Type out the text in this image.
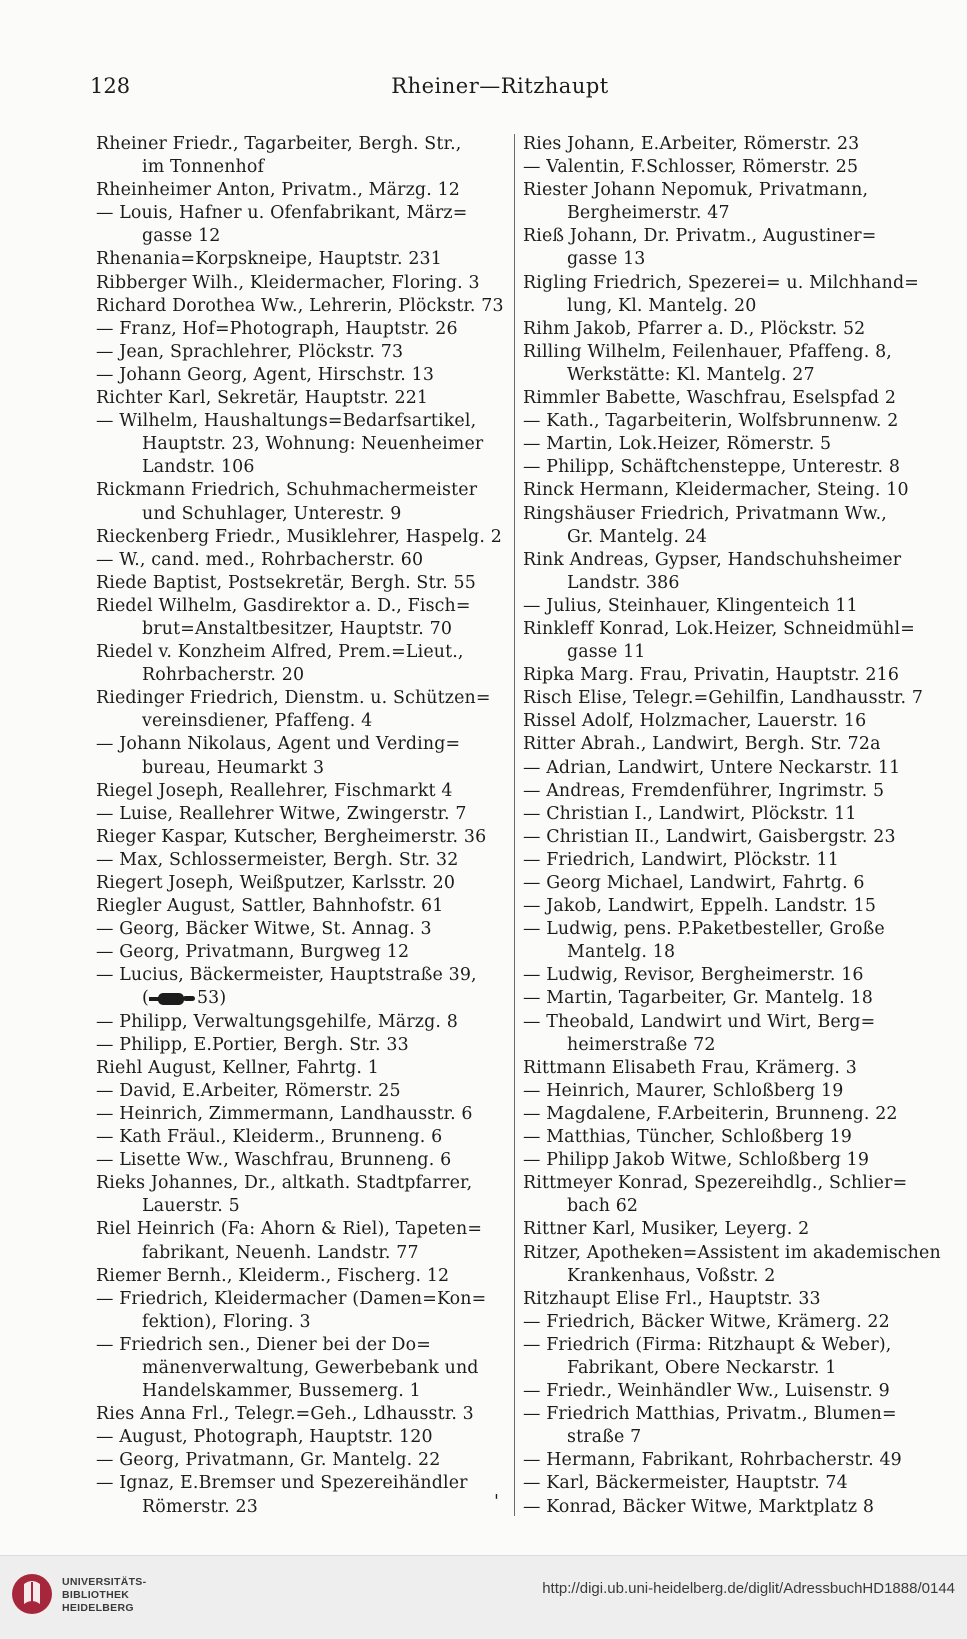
128	Rheiner—Ritzhaupt
Rheiner Friedr., Tagarbeiter, Bergh. Str.,
im Tonnenhof
Rheinheimer Anton, Privatm., Märzg. 12
— Louis, Hafner u. Ofenfabrikant, März=
gasse 12
Rhenania=Korpskneipe, Hauptstr. 231
Ribberger Wilh., Kleidermacher, Floring. 3
Richard Dorothea Ww., Lehrerin, Plöckstr. 73
— Franz, Hof=Photograph, Hauptstr. 26
— Jean, Sprachlehrer, Plöckstr. 73
— Johann Georg, Agent, Hirschstr. 13
Richter Karl, Sekretär, Hauptstr. 221
— Wilhelm, Haushaltungs=Bedarfsartikel,
Hauptstr. 23, Wohnung: Neuenheimer
Landstr. 106
Rickmann Friedrich, Schuhmachermeister
und Schuhlager, Unterestr. 9
Rieckenberg Friedr., Musiklehrer, Haspelg. 2
— W., cand. med., Rohrbacherstr. 60
Riede Baptist, Postsekretär, Bergh. Str. 55
Riedel Wilhelm, Gasdirektor a. D., Fisch=
brut=Anstaltbesitzer, Hauptstr. 70
Riedel v. Konzheim Alfred, Prem.=Lieut.,
Rohrbacherstr. 20
Riedinger Friedrich, Dienstm. u. Schützen=
vereinsdiener, Pfaffeng. 4
— Johann Nikolaus, Agent und Verding=
bureau, Heumarkt 3
Riegel Joseph, Reallehrer, Fischmarkt 4
— Luise, Reallehrer Witwe, Zwingerstr. 7
Rieger Kaspar, Kutscher, Bergheimerstr. 36
— Max, Schlossermeister, Bergh. Str. 32
Riegert Joseph, Weißputzer, Karlsstr. 20
Riegler August, Sattler, Bahnhofstr. 61
— Georg, Bäcker Witwe, St. Annag. 3
— Georg, Privatmann, Burgweg 12
— Lucius, Bäckermeister, Hauptstraße 39,
(	53)
— Philipp, Verwaltungsgehilfe, Märzg. 8
— Philipp, E.Portier, Bergh. Str. 33
Riehl August, Kellner, Fahrtg. 1
— David, E.Arbeiter, Römerstr. 25
— Heinrich, Zimmermann, Landhausstr. 6
— Kath Fräul., Kleiderm., Brunneng. 6
— Lisette Ww., Waschfrau, Brunneng. 6
Rieks Johannes, Dr., altkath. Stadtpfarrer,
Lauerstr. 5
Riel Heinrich (Fa: Ahorn & Riel), Tapeten=
fabrikant, Neuenh. Landstr. 77
Riemer Bernh., Kleiderm., Fischerg. 12
— Friedrich, Kleidermacher (Damen=Kon=
fektion), Floring. 3
— Friedrich sen., Diener bei der Do=
mänenverwaltung, Gewerbebank und
Handelskammer, Bussemerg. 1
Ries Anna Frl., Telegr.=Geh., Ldhausstr. 3
— August, Photograph, Hauptstr. 120
— Georg, Privatmann, Gr. Mantelg. 22
— Ignaz, E.Bremser und Spezereihändler
Römerstr. 23
Ries Johann, E.Arbeiter, Römerstr. 23
— Valentin, F.Schlosser, Römerstr. 25
Riester Johann Nepomuk, Privatmann,
Bergheimerstr. 47
Rieß Johann, Dr. Privatm., Augustiner=
gasse 13
Rigling Friedrich, Spezerei= u. Milchhand=
lung, Kl. Mantelg. 20
Rihm Jakob, Pfarrer a. D., Plöckstr. 52
Rilling Wilhelm, Feilenhauer, Pfaffeng. 8,
Werkstätte: Kl. Mantelg. 27
Rimmler Babette, Waschfrau, Eselspfad 2
— Kath., Tagarbeiterin, Wolfsbrunnenw. 2
— Martin, Lok.Heizer, Römerstr. 5
— Philipp, Schäftchensteppe, Unterestr. 8
Rinck Hermann, Kleidermacher, Steing. 10
Ringshäuser Friedrich, Privatmann Ww.,
Gr. Mantelg. 24
Rink Andreas, Gypser, Handschuhsheimer
Landstr. 386
— Julius, Steinhauer, Klingenteich 11
Rinkleff Konrad, Lok.Heizer, Schneidmühl=
gasse 11
Ripka Marg. Frau, Privatin, Hauptstr. 216
Risch Elise, Telegr.=Gehilfin, Landhausstr. 7
Rissel Adolf, Holzmacher, Lauerstr. 16
Ritter Abrah., Landwirt, Bergh. Str. 72a
— Adrian, Landwirt, Untere Neckarstr. 11
— Andreas, Fremdenführer, Ingrimstr. 5
— Christian I., Landwirt, Plöckstr. 11
— Christian II., Landwirt, Gaisbergstr. 23
— Friedrich, Landwirt, Plöckstr. 11
— Georg Michael, Landwirt, Fahrtg. 6
— Jakob, Landwirt, Eppelh. Landstr. 15
— Ludwig, pens. P.Paketbesteller, Große
Mantelg. 18
— Ludwig, Revisor, Bergheimerstr. 16
— Martin, Tagarbeiter, Gr. Mantelg. 18
— Theobald, Landwirt und Wirt, Berg=
heimerstraße 72
Rittmann Elisabeth Frau, Krämerg. 3
— Heinrich, Maurer, Schloßberg 19
— Magdalene, F.Arbeiterin, Brunneng. 22
— Matthias, Tüncher, Schloßberg 19
— Philipp Jakob Witwe, Schloßberg 19
Rittmeyer Konrad, Spezereihdlg., Schlier=
bach 62
Rittner Karl, Musiker, Leyerg. 2
Ritzer, Apotheken=Assistent im akademischen
Krankenhaus, Voßstr. 2
Ritzhaupt Elise Frl., Hauptstr. 33
— Friedrich, Bäcker Witwe, Krämerg. 22
— Friedrich (Firma: Ritzhaupt & Weber),
Fabrikant, Obere Neckarstr. 1
— Friedr., Weinhändler Ww., Luisenstr. 9
— Friedrich Matthias, Privatm., Blumen=
straße 7
— Hermann, Fabrikant, Rohrbacherstr. 49
— Karl, Bäckermeister, Hauptstr. 74
— Konrad, Bäcker Witwe, Marktplatz 8
'
UNIVERSITÄTS-
BIBLIOTHEK
HEIDELBERG
http://digi.ub.uni-heidelberg.de/diglit/AdressbuchHD1888/0144
